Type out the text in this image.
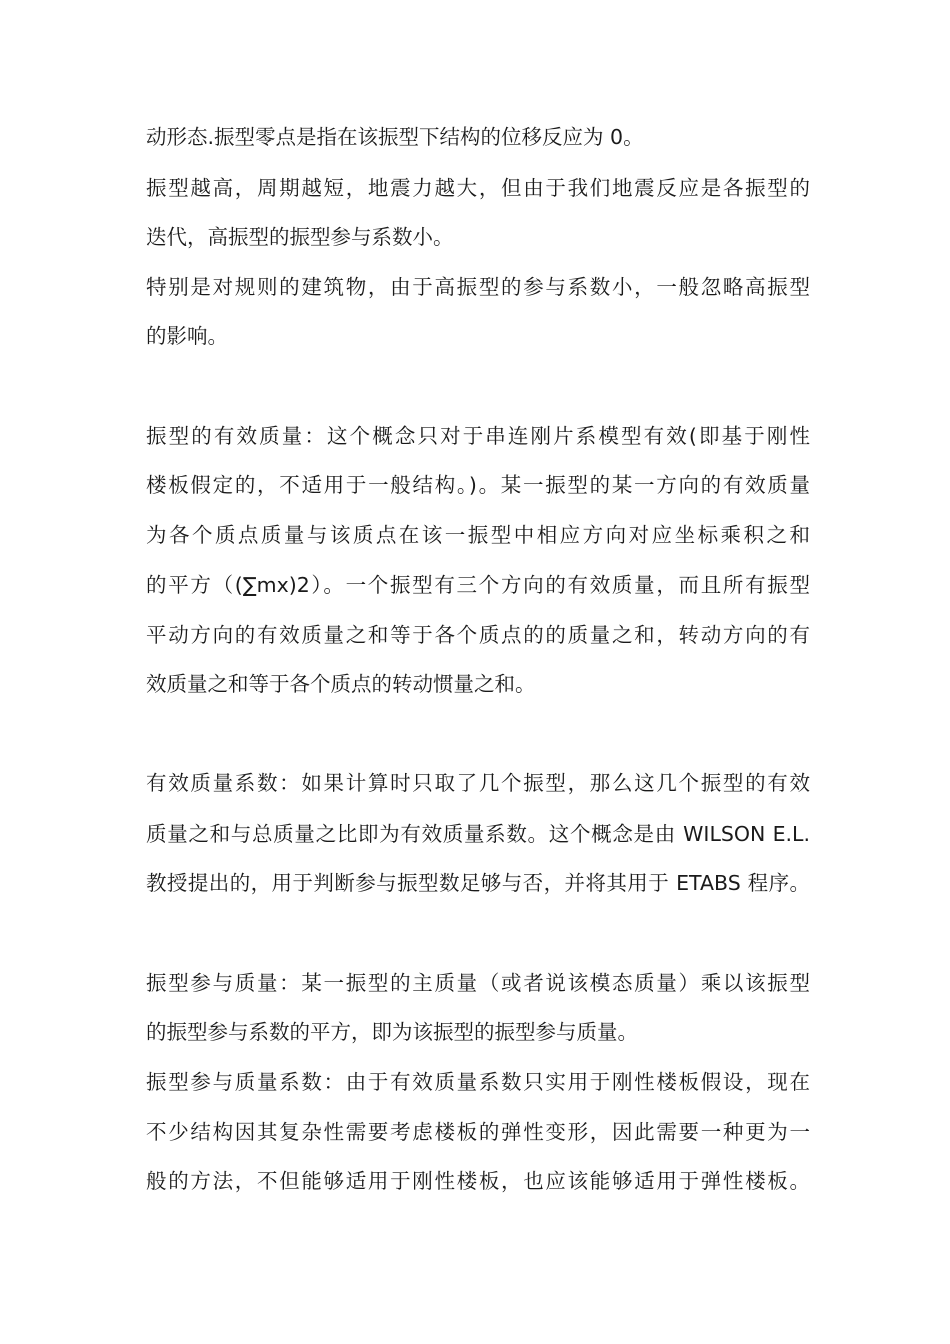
动形态.振型零点是指在该振型下结构的位移反应为 0。
振型越高，周期越短，地震力越大，但由于我们地震反应是各振型的
迭代，高振型的振型参与系数小。
特别是对规则的建筑物，由于高振型的参与系数小，一般忽略高振型
的影响。
振型的有效质量：这个概念只对于串连刚片系模型有效(即基于刚性
楼板假定的，不适用于一般结构。)。某一振型的某一方向的有效质量
为各个质点质量与该质点在该一振型中相应方向对应坐标乘积之和
的平方（(∑mx)2）。一个振型有三个方向的有效质量，而且所有振型
平动方向的有效质量之和等于各个质点的的质量之和，转动方向的有
效质量之和等于各个质点的转动惯量之和。
有效质量系数：如果计算时只取了几个振型，那么这几个振型的有效
质量之和与总质量之比即为有效质量系数。这个概念是由 WILSON E.L.
教授提出的，用于判断参与振型数足够与否，并将其用于 ETABS 程序。
振型参与质量：某一振型的主质量（或者说该模态质量）乘以该振型
的振型参与系数的平方，即为该振型的振型参与质量。
振型参与质量系数：由于有效质量系数只实用于刚性楼板假设，现在
不少结构因其复杂性需要考虑楼板的弹性变形，因此需要一种更为一
般的方法，不但能够适用于刚性楼板，也应该能够适用于弹性楼板。
